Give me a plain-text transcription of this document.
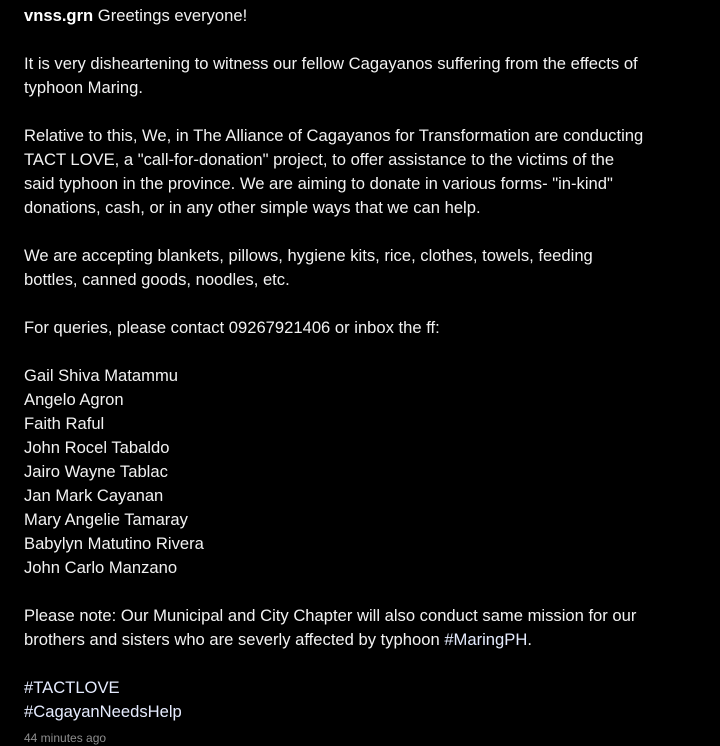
vnss.grn Greetings everyone!
It is very disheartening to witness our fellow Cagayanos suffering from the effects of
typhoon Maring.
Relative to this, We, in The Alliance of Cagayanos for Transformation are conducting
TACT LOVE, a "call-for-donation" project, to offer assistance to the victims of the
said typhoon in the province. We are aiming to donate in various forms- "in-kind"
donations, cash, or in any other simple ways that we can help.
We are accepting blankets, pillows, hygiene kits, rice, clothes, towels, feeding
bottles, canned goods, noodles, etc.
For queries, please contact 09267921406 or inbox the ff:
Gail Shiva Matammu
Angelo Agron
Faith Raful
John Rocel Tabaldo
Jairo Wayne Tablac
Jan Mark Cayanan
Mary Angelie Tamaray
Babylyn Matutino Rivera
John Carlo Manzano
Please note: Our Municipal and City Chapter will also conduct same mission for our
brothers and sisters who are severly affected by typhoon #MaringPH.
#TACTLOVE
#CagayanNeedsHelp
44 minutes ago
